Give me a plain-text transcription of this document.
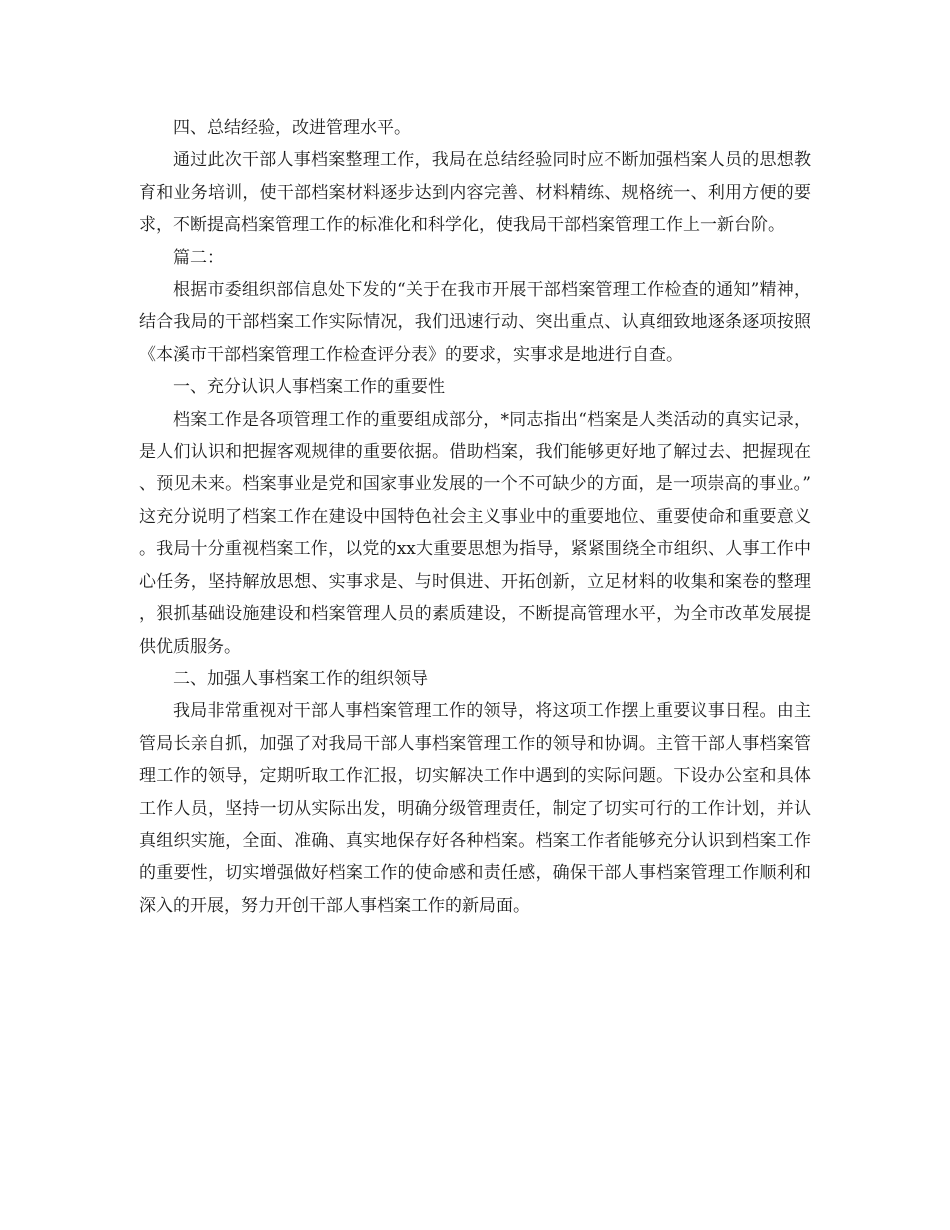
四、总结经验，改进管理水平。

通过此次干部人事档案整理工作，我局在总结经验同时应不断加强档案人员的思想教育和业务培训，使干部档案材料逐步达到内容完善、材料精练、规格统一、利用方便的要求，不断提高档案管理工作的标准化和科学化，使我局干部档案管理工作上一新台阶。

篇二：

根据市委组织部信息处下发的“关于在我市开展干部档案管理工作检查的通知”精神，结合我局的干部档案工作实际情况，我们迅速行动、突出重点、认真细致地逐条逐项按照《本溪市干部档案管理工作检查评分表》的要求，实事求是地进行自查。

一、充分认识人事档案工作的重要性

档案工作是各项管理工作的重要组成部分，*同志指出“档案是人类活动的真实记录，是人们认识和把握客观规律的重要依据。借助档案，我们能够更好地了解过去、把握现在、预见未来。档案事业是党和国家事业发展的一个不可缺少的方面，是一项崇高的事业。”这充分说明了档案工作在建设中国特色社会主义事业中的重要地位、重要使命和重要意义。我局十分重视档案工作，以党的xx大重要思想为指导，紧紧围绕全市组织、人事工作中心任务，坚持解放思想、实事求是、与时俱进、开拓创新，立足材料的收集和案卷的整理，狠抓基础设施建设和档案管理人员的素质建设，不断提高管理水平，为全市改革发展提供优质服务。

二、加强人事档案工作的组织领导

我局非常重视对干部人事档案管理工作的领导，将这项工作摆上重要议事日程。由主管局长亲自抓，加强了对我局干部人事档案管理工作的领导和协调。主管干部人事档案管理工作的领导，定期听取工作汇报，切实解决工作中遇到的实际问题。下设办公室和具体工作人员，坚持一切从实际出发，明确分级管理责任，制定了切实可行的工作计划，并认真组织实施，全面、准确、真实地保存好各种档案。档案工作者能够充分认识到档案工作的重要性，切实增强做好档案工作的使命感和责任感，确保干部人事档案管理工作顺利和深入的开展，努力开创干部人事档案工作的新局面。
